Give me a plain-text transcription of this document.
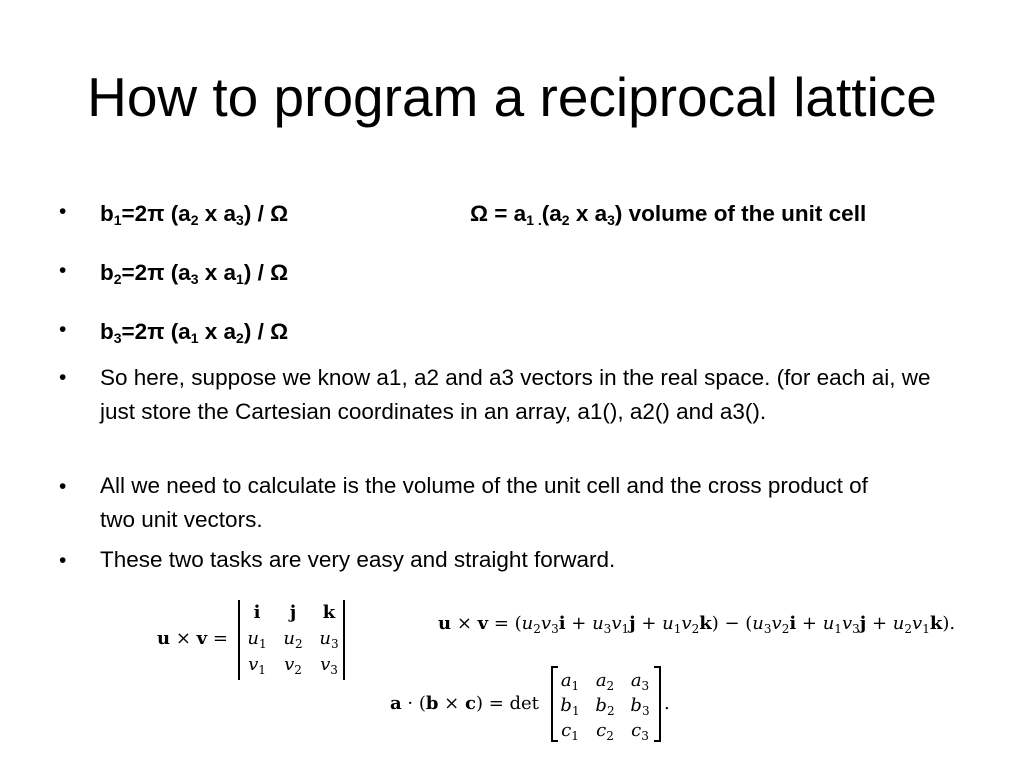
How to program a reciprocal lattice
• $b_1=2\pi$ ($a_2$ x $a_3$) / Ω	$\Omega = a_1$ $_.(a_2$ x $a_3$) volume of the unit cell
• $b_2=2\pi$ ($a_3$ x $a_1$) / Ω
• $b_3=2\pi$ ($a_1$ x $a_2$) / Ω
• So here, suppose we know a1, a2 and a3 vectors in the real space. (for each ai, we just store the Cartesian coordinates in an array, a1(), a2() and a3().
• All we need to calculate is the volume of the unit cell and the cross product of two unit vectors.
• These two tasks are very easy and straight forward.
u × v =
i	j	k
$u_1$ $u_2$ $u_3$
$v_1$	$v_2$	$v_3$
$u \times v = (u_2v_3i + u_3v_1j + u_1v_2k) - (u_3v_2i + u_1v_3j + u_2v_1k)$.
a · (b × c) = det
$a_1$ $a_2$ $a_3$
$b_1$ $b_2$ $b_3$
$c_1$ $c_2$ $c_3$
.
